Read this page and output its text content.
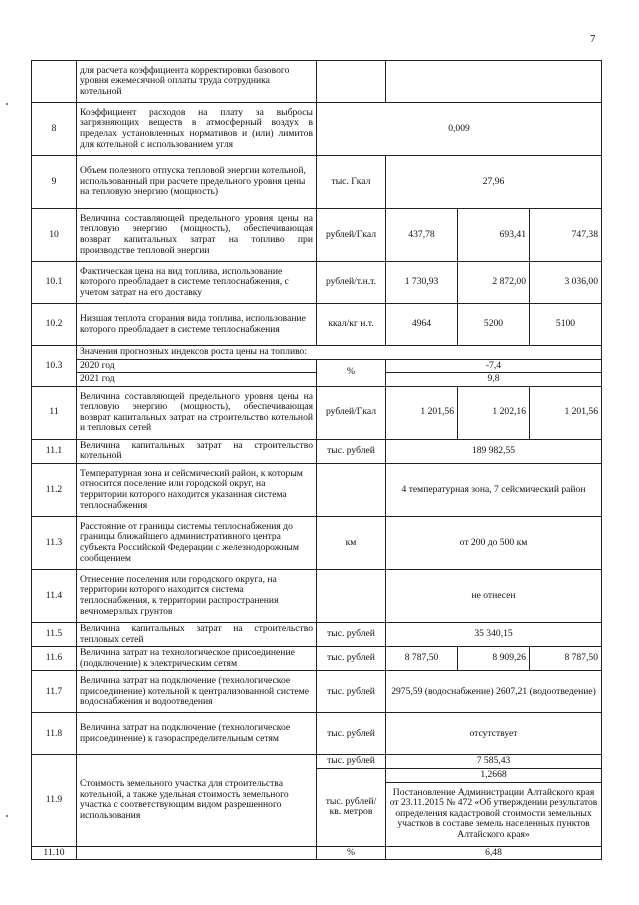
7
	для расчета коэффициента корректировки базового уровня ежемесячной оплаты труда сотрудника котельной				
8	Коэффициент расходов на плату за выбросы загрязняющих веществ в атмосферный воздух в пределах установленных нормативов и (или) лимитов для котельной с использованием угля	0,009			
9	Объем полезного отпуска тепловой энергии котельной, использованный при расчете предельного уровня цены на тепловую энергию (мощность)	тыс. Гкал	27,96		
10	Величина составляющей предельного уровня цены на тепловую энергию (мощность), обеспечивающая возврат капитальных затрат на топливо при производстве тепловой энергии	рублей/Гкал	437,78	693,41	747,38
10.1	Фактическая цена на вид топлива, использование которого преобладает в системе теплоснабжения, с учетом затрат на его доставку	рублей/т.н.т.	1 730,93	2 872,00	3 036,00
10.2	Низшая теплота сгорания вида топлива, использование которого преобладает в системе теплоснабжения	ккал/кг н.т.	4964	5200	5100
10.3	Значения прогнозных индексов роста цены на топливо:				
	2020 год	%	-7,4		
	2021 год		9,8		
11	Величина составляющей предельного уровня цены на тепловую энергию (мощность), обеспечивающая возврат капитальных затрат на строительство котельной и тепловых сетей	рублей/Гкал	1 201,56	1 202,16	1 201,56
11.1	Величина капитальных затрат на строительство котельной	тыс. рублей	189 982,55		
11.2	Температурная зона и сейсмический район, к которым относится поселение или городской округ, на территории которого находится указанная система теплоснабжения		4 температурная зона, 7 сейсмический район		
11.3	Расстояние от границы системы теплоснабжения до границы ближайшего административного центра субъекта Российской Федерации с железнодорожным сообщением	км	от 200 до 500 км		
11.4	Отнесение поселения или городского округа, на территории которого находится система теплоснабжения, к территории распространения вечномерзлых грунтов		не отнесен		
11.5	Величина капитальных затрат на строительство тепловых сетей	тыс. рублей	35 340,15		
11.6	Величина затрат на технологическое присоединение (подключение) к электрическим сетям	тыс. рублей	8 787,50	8 909,26	8 787,50
11.7	Величина затрат на подключение (технологическое присоединение) котельной к централизованной системе водоснабжения и водоотведения	тыс. рублей	2975,59 (водоснабжение) 2607,21 (водоотведение)		
11.8	Величина затрат на подключение (технологическое присоединение) к газораспределительным сетям	тыс. рублей	отсутствует		
11.9	Стоимость земельного участка для строительства котельной, а также удельная стоимость земельного участка с соответствующим видом разрешенного использования	тыс. рублей	7 585,43		
		тыс. рублей/кв. метров	1,2668		
			Постановление Администрации Алтайского края от 23.11.2015 № 472 «Об утверждении результатов определения кадастровой стоимости земельных участков в составе земель населенных пунктов Алтайского края»		
11.10		%	6,48		
